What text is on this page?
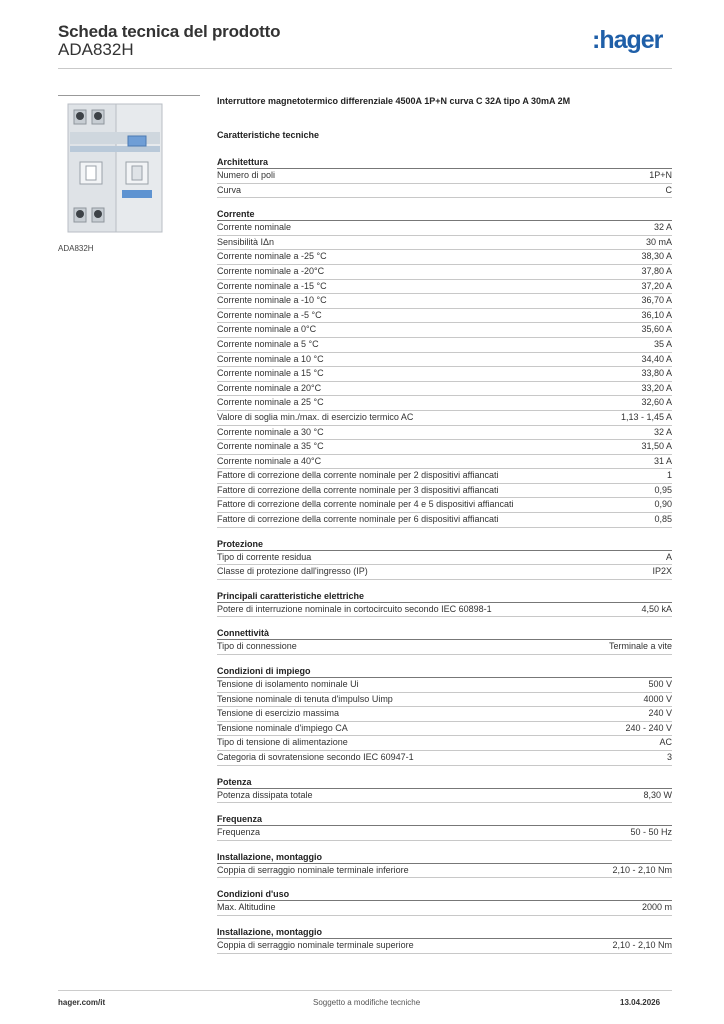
Scheda tecnica del prodotto
ADA832H	:hager
ADA832H
Interruttore magnetotermico differenziale 4500A 1P+N curva C 32A tipo A 30mA 2M
Caratteristiche tecniche
Architettura
Numero di poli	1P+N
Curva	C
Corrente
Corrente nominale	32 A
Sensibilità IΔn	30 mA
Corrente nominale a -25 °C	38,30 A
Corrente nominale a -20°C	37,80 A
Corrente nominale a -15 °C	37,20 A
Corrente nominale a -10 °C	36,70 A
Corrente nominale a -5 °C	36,10 A
Corrente nominale a 0°C	35,60 A
Corrente nominale a 5 °C	35 A
Corrente nominale a 10 °C	34,40 A
Corrente nominale a 15 °C	33,80 A
Corrente nominale a 20°C	33,20 A
Corrente nominale a 25 °C	32,60 A
Valore di soglia min./max. di esercizio termico AC	1,13 - 1,45 A
Corrente nominale a 30 °C	32 A
Corrente nominale a 35 °C	31,50 A
Corrente nominale a 40°C	31 A
Fattore di correzione della corrente nominale per 2 dispositivi affiancati	1
Fattore di correzione della corrente nominale per 3 dispositivi affiancati	0,95
Fattore di correzione della corrente nominale per 4 e 5 dispositivi affiancati	0,90
Fattore di correzione della corrente nominale per 6 dispositivi affiancati	0,85
Protezione
Tipo di corrente residua	A
Classe di protezione dall'ingresso (IP)	IP2X
Principali caratteristiche elettriche
Potere di interruzione nominale in cortocircuito secondo IEC 60898-1	4,50 kA
Connettività
Tipo di connessione	Terminale a vite
Condizioni di impiego
Tensione di isolamento nominale Ui	500 V
Tensione nominale di tenuta d'impulso Uimp	4000 V
Tensione di esercizio massima	240 V
Tensione nominale d'impiego CA	240 - 240 V
Tipo di tensione di alimentazione	AC
Categoria di sovratensione secondo IEC 60947-1	3
Potenza
Potenza dissipata totale	8,30 W
Frequenza
Frequenza	50 - 50 Hz
Installazione, montaggio
Coppia di serraggio nominale terminale inferiore	2,10 - 2,10 Nm
Condizioni d'uso
Max. Altitudine	2000 m
Installazione, montaggio
Coppia di serraggio nominale terminale superiore	2,10 - 2,10 Nm
hager.com/it	Soggetto a modifiche tecniche	13.04.2026
